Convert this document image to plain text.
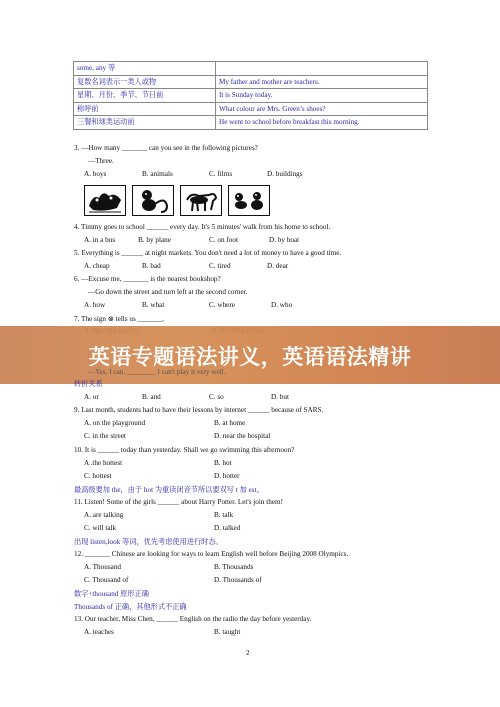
some, any 等	
复数名词表示一类人或物	My father and mother are teachers.
星期、月份、季节、节日前	It is Sunday today.
称呼前	What colour are Mrs. Green’s shoes?
三餐和球类运动前	He went to school before breakfast this morning.
3. —How many _______ can you see in the following pictures?
—Three.
A. boys	B. animals	C. films	D. buildings
4. Timmy goes to school ______ every day. It's 5 minutes' walk from his home to school.
A. in a bus	B. by plane	C. on foot	D. by boat
5. Everything is ______ at night markets. You don't need a lot of money to have a good time.
A. cheap	B. bad	C. tired	D. dear
6. —Excuse me, _______ is the nearest bookshop?
—Go down the street and turn left at the second corner.
A. how	B. what	C. where	D. who
7. The sign ⊗ tells us _______.
英语专题语法讲义，英语语法精讲
—Yes, I can. ________ I can't play it very well.
转折关系
A. or	B. and	C. so	D. but
9. Last month, students had to have their lessons by internet ______ because of SARS.
A. on the playground	B. at home
C. in the street	D. near the hospital
10. It is ______ today than yesterday. Shall we go swimming this afternoon?
A .the hottest	B. hot
C. hottest	D. hotter
最高级要加 the，由于 hot 为重读闭音节所以要双写 t 加 est。
11. Listen! Some of the girls ______ about Harry Potter. Let's join them!
A. are talking	B. talk
C. will talk	D. talked
出现 listen,look 等词，优先考虑使用进行时态。
12. _______ Chinese are looking for ways to learn English well before Beijing 2008 Olympics.
A. Thousand	B. Thousands
C. Thousand of	D. Thousands of
数字+thousand 原形正确
Thousands of 正确，其他形式不正确
13. Our teacher, Miss Chen, ______ English on the radio the day before yesterday.
A. teaches	B. taught
2
